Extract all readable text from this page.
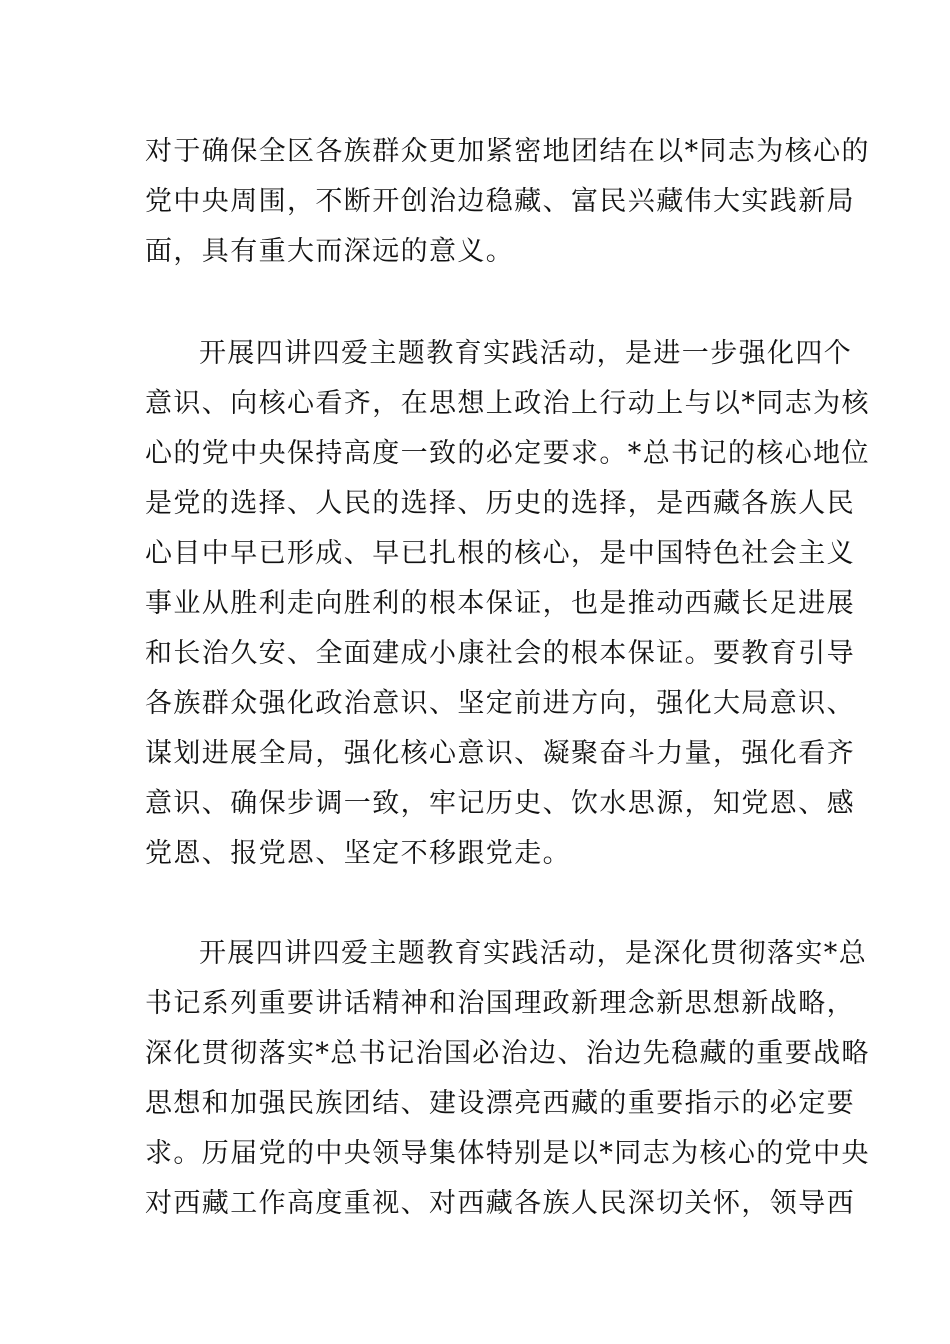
对于确保全区各族群众更加紧密地团结在以*同志为核心的
党中央周围，不断开创治边稳藏、富民兴藏伟大实践新局
面，具有重大而深远的意义。
开展四讲四爱主题教育实践活动，是进一步强化四个
意识、向核心看齐，在思想上政治上行动上与以*同志为核
心的党中央保持高度一致的必定要求。*总书记的核心地位
是党的选择、人民的选择、历史的选择，是西藏各族人民
心目中早已形成、早已扎根的核心，是中国特色社会主义
事业从胜利走向胜利的根本保证，也是推动西藏长足进展
和长治久安、全面建成小康社会的根本保证。要教育引导
各族群众强化政治意识、坚定前进方向，强化大局意识、
谋划进展全局，强化核心意识、凝聚奋斗力量，强化看齐
意识、确保步调一致，牢记历史、饮水思源，知党恩、感
党恩、报党恩、坚定不移跟党走。
开展四讲四爱主题教育实践活动，是深化贯彻落实*总
书记系列重要讲话精神和治国理政新理念新思想新战略，
深化贯彻落实*总书记治国必治边、治边先稳藏的重要战略
思想和加强民族团结、建设漂亮西藏的重要指示的必定要
求。历届党的中央领导集体特别是以*同志为核心的党中央
对西藏工作高度重视、对西藏各族人民深切关怀，领导西
